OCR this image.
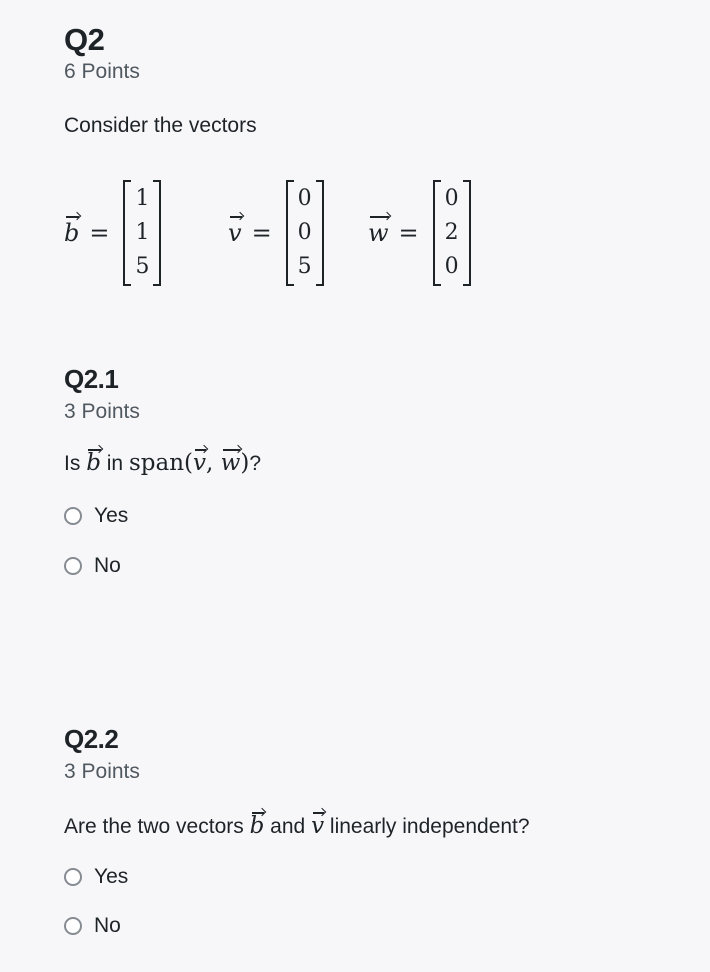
Q2
6 Points
Consider the vectors
b =
1
1
5
v =
0
0
5
w =
0
2
0
Q2.1
3 Points
Is b in span(v, w)?
Yes
No
Q2.2
3 Points
Are the two vectors b and v linearly independent?
Yes
No
